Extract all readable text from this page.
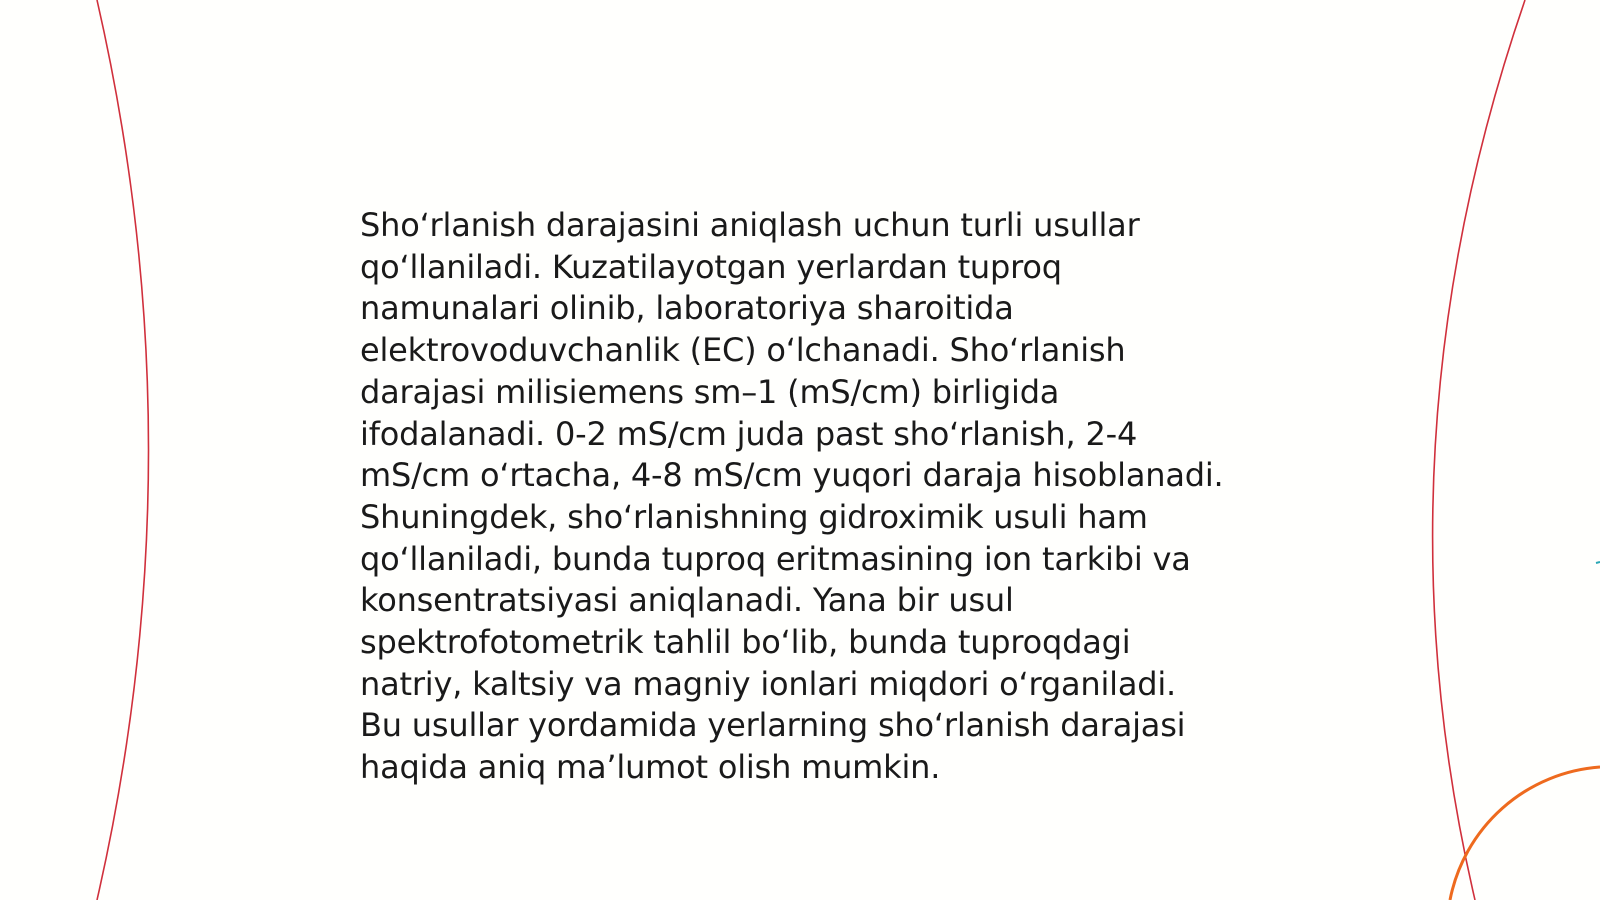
Sho‘rlanish darajasini aniqlash uchun turli usullar
qo‘llaniladi. Kuzatilayotgan yerlardan tuproq
namunalari olinib, laboratoriya sharoitida
elektrovoduvchanlik (EC) o‘lchanadi. Sho‘rlanish
darajasi milisiemens sm–1 (mS/cm) birligida
ifodalanadi. 0-2 mS/cm juda past sho‘rlanish, 2-4
mS/cm o‘rtacha, 4-8 mS/cm yuqori daraja hisoblanadi.
Shuningdek, sho‘rlanishning gidroximik usuli ham
qo‘llaniladi, bunda tuproq eritmasining ion tarkibi va
konsentratsiyasi aniqlanadi. Yana bir usul
spektrofotometrik tahlil bo‘lib, bunda tuproqdagi
natriy, kaltsiy va magniy ionlari miqdori o‘rganiladi.
Bu usullar yordamida yerlarning sho‘rlanish darajasi
haqida aniq ma’lumot olish mumkin.
